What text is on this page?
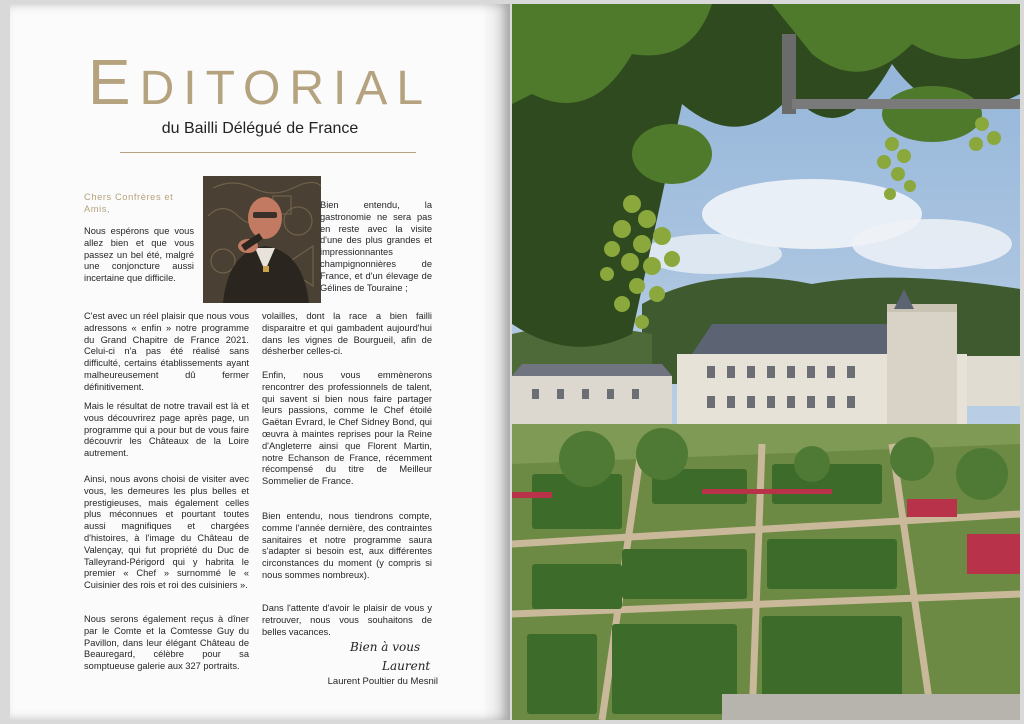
EDITORIAL
du Bailli Délégué de France

Chers Confrères et Amis,

Nous espérons que vous allez bien et que vous passez un bel été, malgré une conjoncture aussi incertaine que difficile.

C'est avec un réel plaisir que nous vous adressons « enfin » notre programme du Grand Chapitre de France 2021. Celui-ci n'a pas été réalisé sans difficulté, certains établissements ayant malheureusement dû fermer définitivement.

Mais le résultat de notre travail est là et vous découvrirez page après page, un programme qui a pour but de vous faire découvrir les Châteaux de la Loire autrement.

Ainsi, nous avons choisi de visiter avec vous, les demeures les plus belles et prestigieuses, mais également celles plus méconnues et pourtant toutes aussi magnifiques et chargées d'histoires, à l'image du Château de Valençay, qui fut propriété du Duc de Talleyrand-Périgord qui y habrita le premier « Chef » surnommé le « Cuisinier des rois et roi des cuisiniers ».

Nous serons également reçus à dîner par le Comte et la Comtesse Guy du Pavillon, dans leur élégant Château de Beauregard, célèbre pour sa somptueuse galerie aux 327 portraits.

Bien entendu, la gastronomie ne sera pas en reste avec la visite d'une des plus grandes et impressionnantes champignonnières de France, et d'un élevage de Gélines de Touraine ;

volailles, dont la race a bien failli disparaitre et qui gambadent aujourd'hui dans les vignes de Bourgueil, afin de désherber celles-ci.

Enfin, nous vous emmènerons rencontrer des professionnels de talent, qui savent si bien nous faire partager leurs passions, comme le Chef étoilé Gaëtan Evrard, le Chef Sidney Bond, qui œuvra à maintes reprises pour la Reine d'Angleterre ainsi que Florent Martin, notre Echanson de France, récemment récompensé du titre de Meilleur Sommelier de France.

Bien entendu, nous tiendrons compte, comme l'année dernière, des contraintes sanitaires et notre programme saura s'adapter si besoin est, aux différentes circonstances du moment (y compris si nous sommes nombreux).

Dans l'attente d'avoir le plaisir de vous y retrouver, nous vous souhaitons de belles vacances.

Bien à vous
Laurent
Laurent Poultier du Mesnil
